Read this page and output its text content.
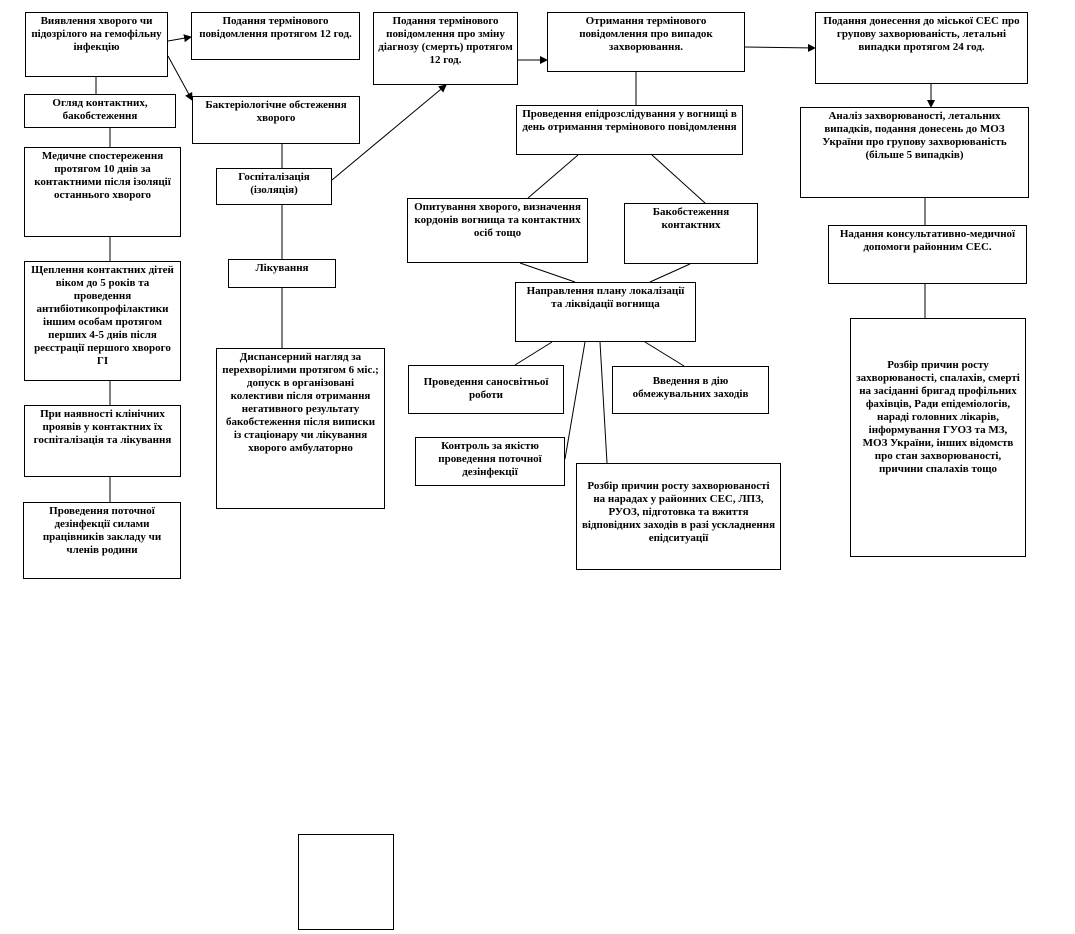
Виявлення хворого чи підозрілого на гемофільну інфекцію
Подання термінового повідомлення протягом 12 год.
Подання термінового повідомлення про зміну діагнозу (смерть) протягом 12 год.
Отримання термінового повідомлення про випадок захворювання.
Подання донесення до міської СЕС про групову захворюваність, летальні випадки протягом 24 год.
Огляд контактних, бакобстеження
Бактеріологічне обстеження хворого	Проведення епідрозслідування у вогнищі в день отримання термінового повідомлення
Аналіз захворюваності, летальних випадків, подання донесень до МОЗ України про групову захворюваність (більше 5 випадків)
Медичне спостереження протягом 10 днів за контактними після ізоляції останнього хворого
Госпіталізація (ізоляція)
Опитування хворого, визначення кордонів вогнища та контактних осіб тощо
Бакобстеження контактних
Надання консультативно-медичної допомоги районним СЕС.
Лікування
Щеплення контактних дітей віком до 5 років та проведення антибіотикопрофілактики іншим особам протягом перших 4-5 днів після реєстрації першого хворого ГІ
Направлення плану локалізації та ліквідації вогнища
Розбір причин росту захворюваності, спалахів, смерті на засіданні бригад профільних фахівців, Ради епідеміологів, нараді головних лікарів, інформування ГУОЗ та МЗ, МОЗ України, інших відомств про стан захворюваності, причини спалахів тощо
Диспансерний нагляд за перехворілими протягом 6 міс.; допуск в організовані колективи після отримання негативного результату бакобстеження після виписки із стаціонару чи лікування хворого амбулаторно
Проведення саносвітньої роботи
Введення в дію обмежувальних заходів
При наявності клінічних проявів у контактних їх госпіталізація та лікування
Контроль за якістю проведення поточної дезінфекції
Розбір причин росту захворюваності на нарадах у районних СЕС, ЛПЗ, РУОЗ, підготовка та вжиття відповідних заходів в разі ускладнення епідситуації
Проведення поточної дезінфекції силами працівників закладу чи членів родини
